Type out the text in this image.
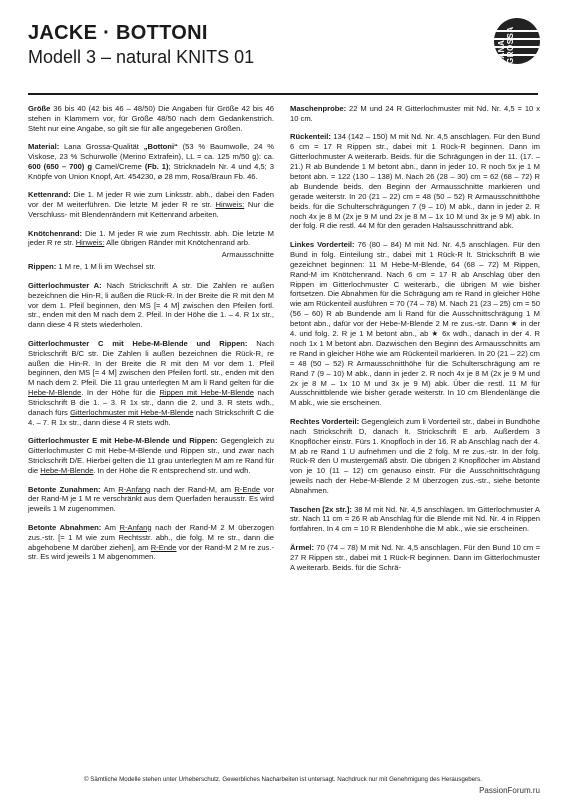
JACKE · BOTTONI
Modell 3 – natural KNITS 01	LANA GROSSA

Größe 36 bis 40 (42 bis 46 – 48/50) Die Angaben für Größe 42 bis 46 stehen in Klammern vor, für Größe 48/50 nach dem Gedankenstrich. Steht nur eine Angabe, so gilt sie für alle angegebenen Größen.

Material: Lana Grossa-Qualität „Bottoni“ (53 % Baumwolle, 24 % Viskose, 23 % Schurwolle (Merino Extrafein), LL = ca. 125 m/50 g): ca. 600 (650 – 700) g Camel/Creme (Fb. 1); Stricknadeln Nr. 4 und 4,5; 3 Knöpfe von Union Knopf, Art. 454230, ø 28 mm, Rosa/Braun Fb. 46.

Kettenrand: Die 1. M jeder R wie zum Linksstr. abh., dabei den Faden vor der M weiterführen. Die letzte M jeder R re str. Hinweis: Nur die Verschluss- mit Blendenrändern mit Kettenrand arbeiten.

Knötchenrand: Die 1. M jeder R wie zum Rechtsstr. abh. Die letzte M jeder R re str. Hinweis: Alle übrigen Ränder mit Knötchenrand arb.

Armausschnitte

Rippen: 1 M re, 1 M li im Wechsel str.

Gitterlochmuster A: Nach Strickschrift A str. Die Zahlen re außen bezeichnen die Hin-R, li außen die Rück-R. In der Breite die R mit den M vor dem 1. Pfeil beginnen, den MS [= 4 M] zwischen den Pfeilen fortl. str., enden mit den M nach dem 2. Pfeil. In der Höhe die 1. – 4. R 1x str., dann diese 4 R stets wiederholen.

Gitterlochmuster C mit Hebe-M-Blende und Rippen: Nach Strickschrift B/C str. Die Zahlen li außen bezeichnen die Rück-R, re außen die Hin-R. In der Breite die R mit den M vor dem 1. Pfeil beginnen, den MS [= 4 M] zwischen den Pfeilen fortl. str., enden mit den M nach dem 2. Pfeil. Die 11 grau unterlegten M am li Rand gelten für die Hebe-M-Blende. In der Höhe für die Rippen mit Hebe-M-Blende nach Strickschrift B die 1. – 3. R 1x str., dann die 2. und 3. R stets wdh., danach fürs Gitterlochmuster mit Hebe-M-Blende nach Strickschrift C die 4. – 7. R 1x str., dann diese 4 R stets wdh.

Gitterlochmuster E mit Hebe-M-Blende und Rippen: Gegengleich zu Gitterlochmuster C mit Hebe-M-Blende und Rippen str., und zwar nach Strickschrift D/E. Hierbei gelten die 11 grau unterlegten M am re Rand für die Hebe-M-Blende. In der Höhe die R entsprechend str. und wdh.

Betonte Zunahmen: Am R-Anfang nach der Rand-M, am R-Ende vor der Rand-M je 1 M re verschränkt aus dem Querfaden herausstr. Es wird jeweils 1 M zugenommen.

Betonte Abnahmen: Am R-Anfang nach der Rand-M 2 M überzogen zus.-str. [= 1 M wie zum Rechtsstr. abh., die folg. M re str., dann die abgehobene M darüber ziehen], am R-Ende vor der Rand-M 2 M re zus.-str. Es wird jeweils 1 M abgenommen.

Maschenprobe: 22 M und 24 R Gitterlochmuster mit Nd. Nr. 4,5 = 10 x 10 cm.

Rückenteil: 134 (142 – 150) M mit Nd. Nr. 4,5 anschlagen. Für den Bund 6 cm = 17 R Rippen str., dabei mit 1 Rück-R beginnen. Dann im Gitterlochmuster A weiterarb. Beids. für die Schrägungen in der 11. (17. – 21.) R ab Bundende 1 M betont abn., dann in jeder 10. R noch 5x je 1 M betont abn. = 122 (130 – 138) M. Nach 26 (28 – 30) cm = 62 (68 – 72) R ab Bundende beids. den Beginn der Armausschnitte markieren und gerade weiterstr. In 20 (21 – 22) cm = 48 (50 – 52) R Armausschnitthöhe beids. für die Schulterschrägungen 7 (9 – 10) M abk., dann in jeder 2. R noch 4x je 8 M (2x je 9 M und 2x je 8 M – 1x 10 M und 3x je 9 M) abk. In der folg. R die restl. 44 M für den geraden Halsausschnittrand abk.

Linkes Vorderteil: 76 (80 – 84) M mit Nd. Nr. 4,5 anschlagen. Für den Bund in folg. Einteilung str., dabei mit 1 Rück-R lt. Strickschrift B wie gezeichnet beginnen: 11 M Hebe-M-Blende, 64 (68 – 72) M Rippen, Rand-M im Knötchenrand. Nach 6 cm = 17 R ab Anschlag über den Rippen im Gitterlochmuster C weiterarb., die übrigen M wie bisher fortsetzen. Die Abnahmen für die Schrägung am re Rand in gleicher Höhe wie am Rückenteil ausführen = 70 (74 – 78) M. Nach 21 (23 – 25) cm = 50 (56 – 60) R ab Bundende am li Rand für die Ausschnittschrägung 1 M betont abn., dafür vor der Hebe-M-Blende 2 M re zus.-str. Dann ★ in der 4. und folg. 2. R je 1 M betont abn., ab ★ 6x wdh., danach in der 4. R noch 1x 1 M betont abn. Dazwischen den Beginn des Armausschnitts am re Rand in gleicher Höhe wie am Rückenteil markieren. In 20 (21 – 22) cm = 48 (50 – 52) R Armausschnitthöhe für die Schulterschrägung am re Rand 7 (9 – 10) M abk., dann in jeder 2. R noch 4x je 8 M (2x je 9 M und 2x je 8 M – 1x 10 M und 3x je 9 M) abk. Über die restl. 11 M für Ausschnittblende wie bisher gerade weiterstr. In 10 cm Blendenlänge die M abk., wie sie erscheinen.

Rechtes Vorderteil: Gegengleich zum li Vorderteil str., dabei in Bundhöhe nach Strickschrift D, danach lt. Strickschrift E arb. Außerdem 3 Knopflöcher einstr. Fürs 1. Knopfloch in der 16. R ab Anschlag nach der 4. M ab re Rand 1 U aufnehmen und die 2 folg. M re zus.-str. In der folg. Rück-R den U mustergemäß abstr. Die übrigen 2 Knopflöcher im Abstand von je 10 (11 – 12) cm genauso einstr. Für die Ausschnittschrägung jeweils nach der Hebe-M-Blende 2 M überzogen zus.-str., siehe betonte Abnahmen.

Taschen [2x str.]: 38 M mit Nd. Nr. 4,5 anschlagen. Im Gitterlochmuster A str. Nach 11 cm = 26 R ab Anschlag für die Blende mit Nd. Nr. 4 in Rippen fortfahren. In 4 cm = 10 R Blendenhöhe die M abk., wie sie erscheinen.

Ärmel: 70 (74 – 78) M mit Nd. Nr. 4,5 anschlagen. Für den Bund 10 cm = 27 R Rippen str., dabei mit 1 Rück-R beginnen. Dann im Gitterlochmuster A weiterarb. Beids. für die Schrä-

© Sämtliche Modelle stehen unter Urheberschutz. Gewerbliches Nacharbeiten ist untersagt. Nachdruck nur mit Genehmigung des Herausgebers.
PassionForum.ru
